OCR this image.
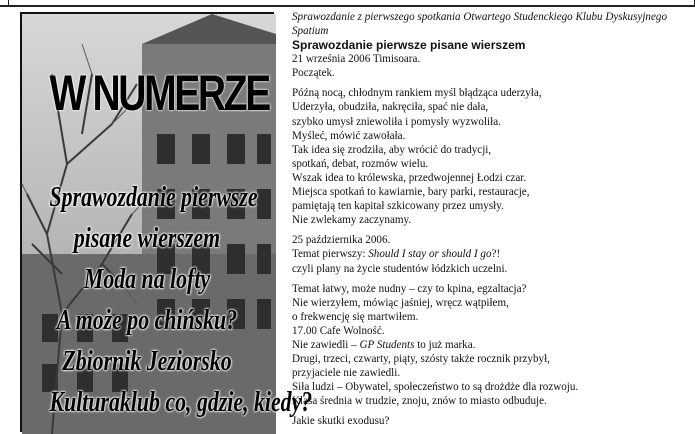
W NUMERZE
Sprawozdanie pierwsze
pisane wierszem
Moda na lofty
A może po chińsku?
Zbiornik Jeziorsko
Kulturaklub co, gdzie, kiedy?

Sprawozdanie z pierwszego spotkania Otwartego Studenckiego Klubu Dyskusyjnego Spatium

Sprawozdanie pierwsze pisane wierszem

21 września 2006 Timisoara.

Początek.

Późną nocą, chłodnym rankiem myśl błądząca uderzyła,

Uderzyła, obudziła, nakręciła, spać nie dała,

szybko umysł zniewoliła i pomysły wyzwoliła.

Myśleć, mówić zawołała.

Tak idea się zrodziła, aby wrócić do tradycji,

spotkań, debat, rozmów wielu.

Wszak idea to królewska, przedwojennej Łodzi czar.

Miejsca spotkań to kawiarnie, bary parki, restauracje,

pamiętają ten kapitał szkicowany przez umysły.

Nie zwlekamy zaczynamy.

25 października 2006.

Temat pierwszy: Should I stay or should I go?!

czyli plany na życie studentów łódzkich uczelni.

Temat łatwy, może nudny – czy to kpina, egzaltacja?

Nie wierzyłem, mówiąc jaśniej, wręcz wątpiłem,

o frekwencję się martwiłem.

17.00 Cafe Wolność.

Nie zawiedli – GP Students to już marka.

Drugi, trzeci, czwarty, piąty, szósty także rocznik przybył,

przyjaciele nie zawiedli.

Siła ludzi – Obywatel, społeczeństwo to są drożdże dla rozwoju.

Klasa średnia w trudzie, znoju, znów to miasto odbuduje.

Jakie skutki exodusu?
